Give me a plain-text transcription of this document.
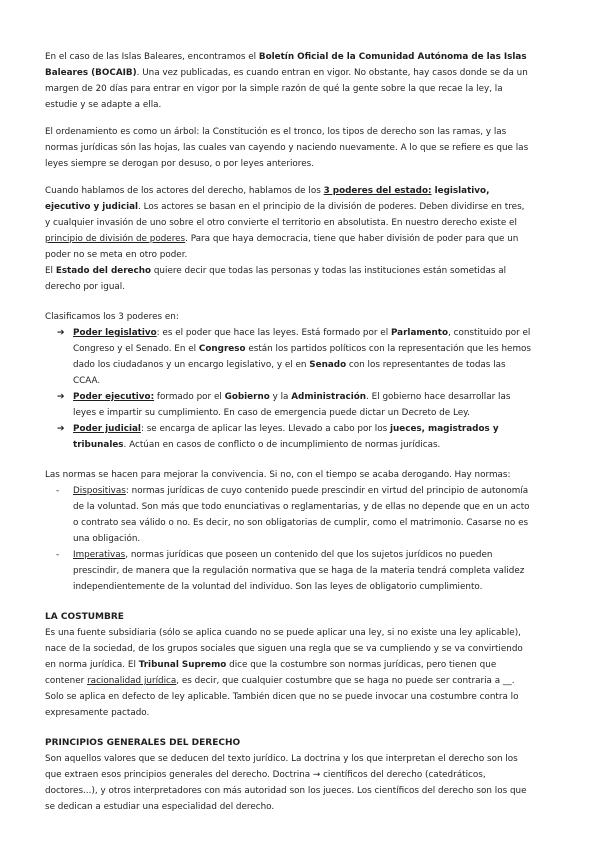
En el caso de las Islas Baleares, encontramos el Boletín Oficial de la Comunidad Autónoma de las Islas Baleares (BOCAIB). Una vez publicadas, es cuando entran en vigor. No obstante, hay casos donde se da un margen de 20 días para entrar en vigor por la simple razón de qué la gente sobre la que recae la ley, la estudie y se adapte a ella.

El ordenamiento es como un árbol: la Constitución es el tronco, los tipos de derecho son las ramas, y las normas jurídicas són las hojas, las cuales van cayendo y naciendo nuevamente. A lo que se refiere es que las leyes siempre se derogan por desuso, o por leyes anteriores.

Cuando hablamos de los actores del derecho, hablamos de los 3 poderes del estado: legislativo, ejecutivo y judicial. Los actores se basan en el principio de la división de poderes. Deben dividirse en tres, y cualquier invasión de uno sobre el otro convierte el territorio en absolutista. En nuestro derecho existe el principio de división de poderes. Para que haya democracia, tiene que haber división de poder para que un poder no se meta en otro poder.

El Estado del derecho quiere decir que todas las personas y todas las instituciones están sometidas al derecho por igual.

Clasificamos los 3 poderes en:

➔ Poder legislativo: es el poder que hace las leyes. Está formado por el Parlamento, constituido por el Congreso y el Senado. En el Congreso están los partidos políticos con la representación que les hemos dado los ciudadanos y un encargo legislativo, y el en Senado con los representantes de todas las CCAA.
➔ Poder ejecutivo: formado por el Gobierno y la Administración. El gobierno hace desarrollar las leyes e impartir su cumplimiento. En caso de emergencia puede dictar un Decreto de Ley.
➔ Poder judicial: se encarga de aplicar las leyes. Llevado a cabo por los jueces, magistrados y tribunales. Actúan en casos de conflicto o de incumplimiento de normas jurídicas.

Las normas se hacen para mejorar la convivencia. Si no, con el tiempo se acaba derogando. Hay normas:

- Dispositivas: normas jurídicas de cuyo contenido puede prescindir en virtud del principio de autonomía de la voluntad. Son más que todo enunciativas o reglamentarias, y de ellas no depende que en un acto o contrato sea válido o no. Es decir, no son obligatorias de cumplir, como el matrimonio. Casarse no es una obligación.
- Imperativas, normas jurídicas que poseen un contenido del que los sujetos jurídicos no pueden prescindir, de manera que la regulación normativa que se haga de la materia tendrá completa validez independientemente de la voluntad del individuo. Son las leyes de obligatorio cumplimiento.
LA COSTUMBRE

Es una fuente subsidiaria (sólo se aplica cuando no se puede aplicar una ley, si no existe una ley aplicable), nace de la sociedad, de los grupos sociales que siguen una regla que se va cumpliendo y se va convirtiendo en norma jurídica. El Tribunal Supremo dice que la costumbre son normas jurídicas, pero tienen que contener racionalidad jurídica, es decir, que cualquier costumbre que se haga no puede ser contraria a __. Solo se aplica en defecto de ley aplicable. También dicen que no se puede invocar una costumbre contra lo expresamente pactado.

PRINCIPIOS GENERALES DEL DERECHO

Son aquellos valores que se deducen del texto jurídico. La doctrina y los que interpretan el derecho son los que extraen esos principios generales del derecho. Doctrina → científicos del derecho (catedráticos, doctores...), y otros interpretadores con más autoridad son los jueces. Los científicos del derecho son los que se dedican a estudiar una especialidad del derecho.
